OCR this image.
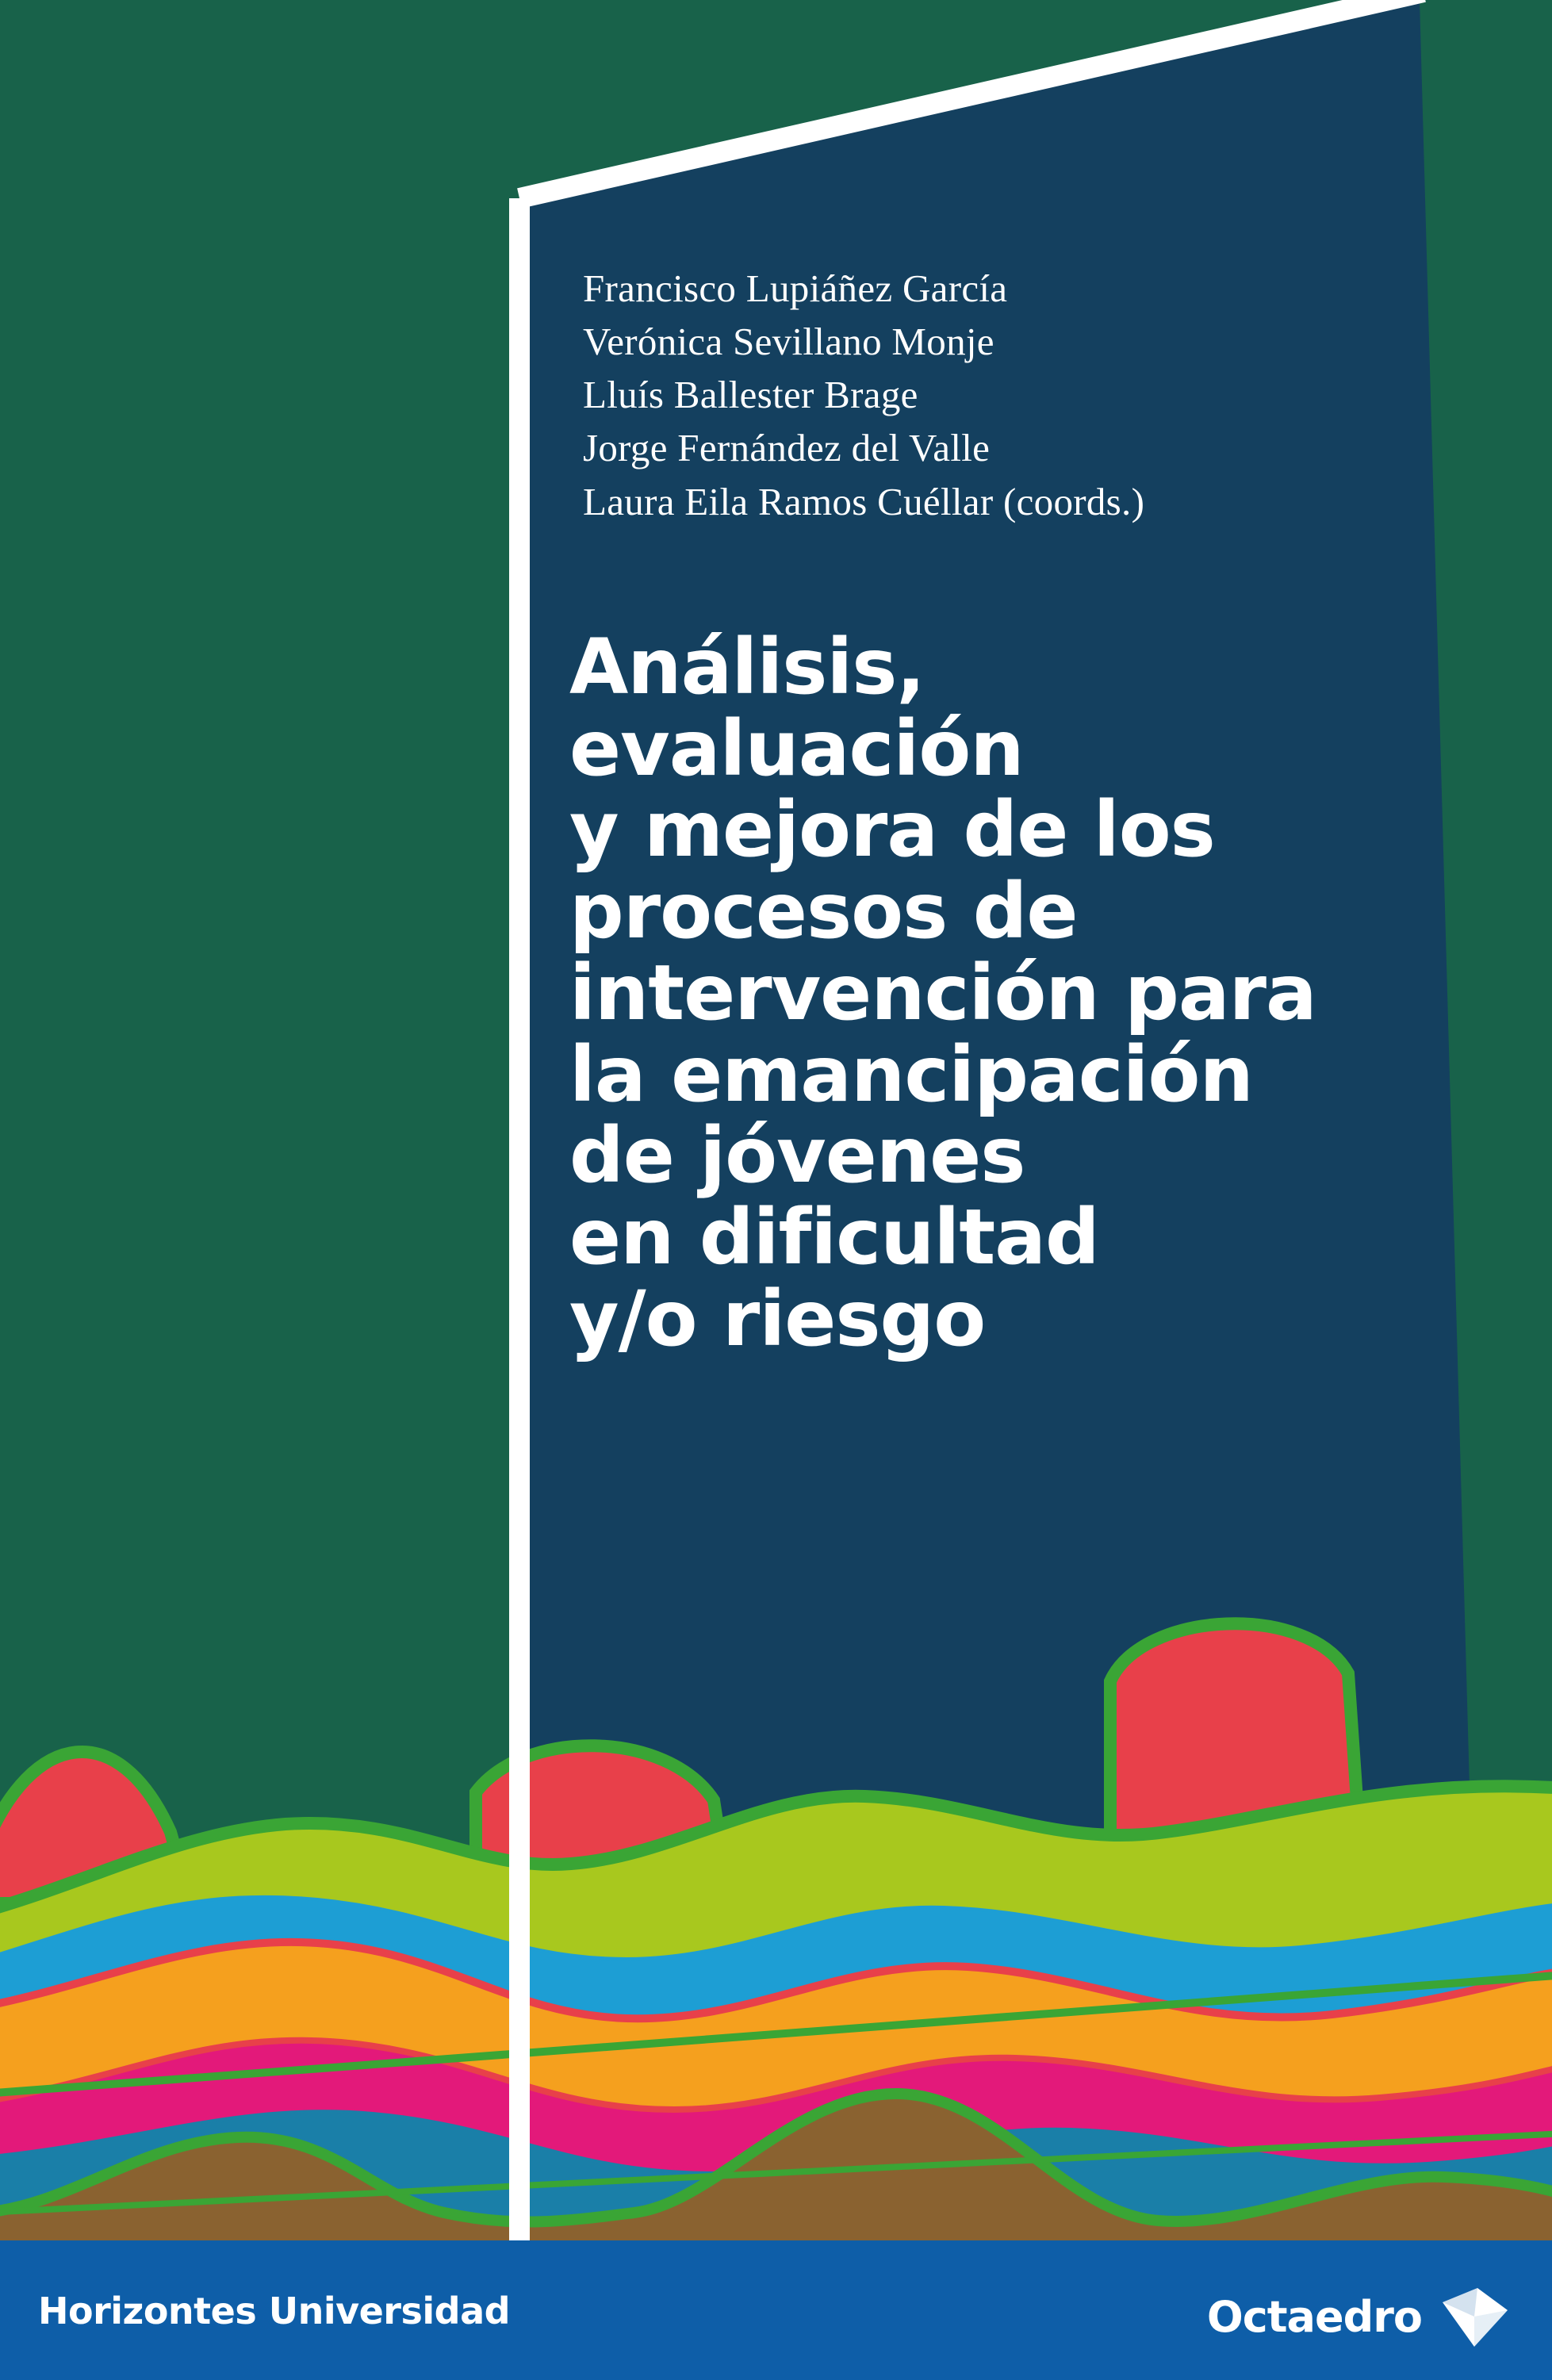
Francisco Lupiáñez García
Verónica Sevillano Monje
Lluís Ballester Brage
Jorge Fernández del Valle
Laura Eila Ramos Cuéllar (coords.)
Análisis,
evaluación
y mejora de los
procesos de
intervención para
la emancipación
de jóvenes
en dificultad
y/o riesgo
Horizontes Universidad	Octaedro
